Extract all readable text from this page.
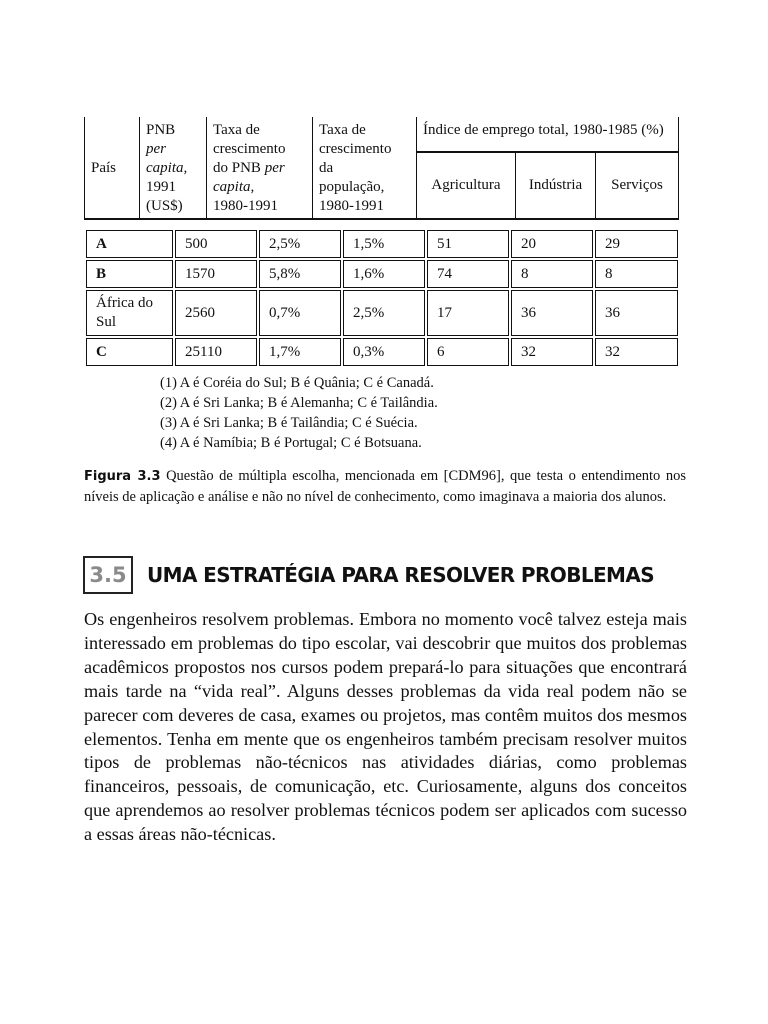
País	PNB
per
capita,
1991
(US$)	Taxa de
crescimento
do PNB per
capita,
1980-1991	Taxa de
crescimento
da
população,
1980-1991	Índice de emprego total, 1980-1985 (%)		
				Agricultura	Indústria	Serviços
A	500	2,5%	1,5%	51	20	29
B	1570	5,8%	1,6%	74	8	8
África do Sul	2560	0,7%	2,5%	17	36	36
C	25110	1,7%	0,3%	6	32	32
(1) A é Coréia do Sul; B é Quânia; C é Canadá.
(2) A é Sri Lanka; B é Alemanha; C é Tailândia.
(3) A é Sri Lanka; B é Tailândia; C é Suécia.
(4) A é Namíbia; B é Portugal; C é Botsuana.
Figura 3.3 Questão de múltipla escolha, mencionada em [CDM96], que testa o entendimento nos níveis de aplicação e análise e não no nível de conhecimento, como imaginava a maioria dos alunos.
3.5	UMA ESTRATÉGIA PARA RESOLVER PROBLEMAS
Os engenheiros resolvem problemas. Embora no momento você talvez esteja mais interessado em problemas do tipo escolar, vai descobrir que muitos dos problemas acadêmicos propostos nos cursos podem prepará-lo para situações que encontrará mais tarde na “vida real”. Alguns desses problemas da vida real podem não se parecer com deveres de casa, exames ou projetos, mas contêm muitos dos mesmos elementos. Tenha em mente que os engenheiros também precisam resolver muitos tipos de problemas não-técnicos nas atividades diárias, como problemas financeiros, pessoais, de comunicação, etc. Curiosamente, alguns dos conceitos que aprendemos ao resolver problemas técnicos podem ser aplicados com sucesso a essas áreas não-técnicas.
